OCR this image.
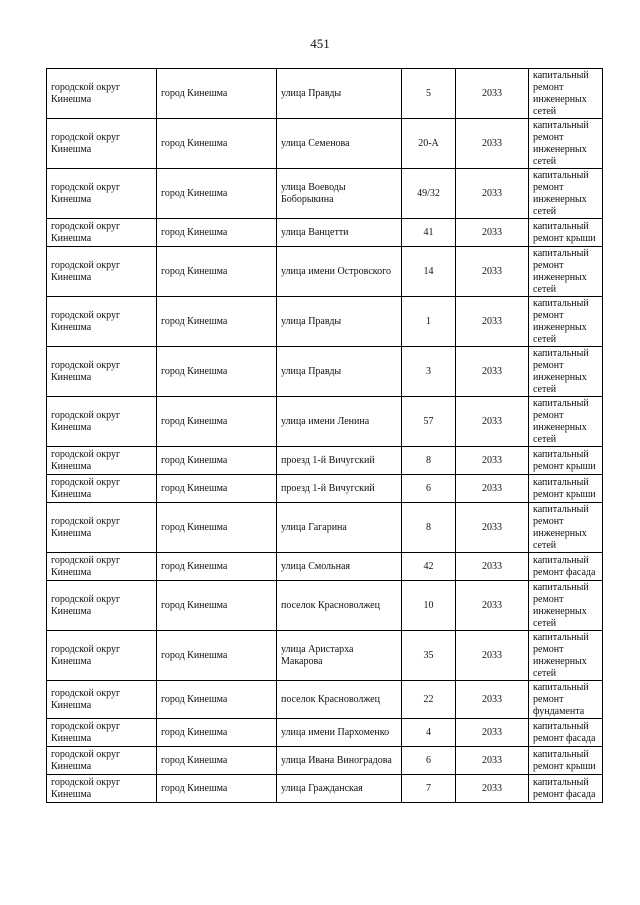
451
городской округ Кинешма	город Кинешма	улица Правды	5	2033	капитальный ремонт инженерных сетей
городской округ Кинешма	город Кинешма	улица Семенова	20-А	2033	капитальный ремонт инженерных сетей
городской округ Кинешма	город Кинешма	улица Воеводы Боборыкина	49/32	2033	капитальный ремонт инженерных сетей
городской округ Кинешма	город Кинешма	улица Ванцетти	41	2033	капитальный ремонт крыши
городской округ Кинешма	город Кинешма	улица имени Островского	14	2033	капитальный ремонт инженерных сетей
городской округ Кинешма	город Кинешма	улица Правды	1	2033	капитальный ремонт инженерных сетей
городской округ Кинешма	город Кинешма	улица Правды	3	2033	капитальный ремонт инженерных сетей
городской округ Кинешма	город Кинешма	улица имени Ленина	57	2033	капитальный ремонт инженерных сетей
городской округ Кинешма	город Кинешма	проезд 1-й Вичугский	8	2033	капитальный ремонт крыши
городской округ Кинешма	город Кинешма	проезд 1-й Вичугский	6	2033	капитальный ремонт крыши
городской округ Кинешма	город Кинешма	улица Гагарина	8	2033	капитальный ремонт инженерных сетей
городской округ Кинешма	город Кинешма	улица Смольная	42	2033	капитальный ремонт фасада
городской округ Кинешма	город Кинешма	поселок Красноволжец	10	2033	капитальный ремонт инженерных сетей
городской округ Кинешма	город Кинешма	улица Аристарха Макарова	35	2033	капитальный ремонт инженерных сетей
городской округ Кинешма	город Кинешма	поселок Красноволжец	22	2033	капитальный ремонт фундамента
городской округ Кинешма	город Кинешма	улица имени Пархоменко	4	2033	капитальный ремонт фасада
городской округ Кинешма	город Кинешма	улица Ивана Виноградова	6	2033	капитальный ремонт крыши
городской округ Кинешма	город Кинешма	улица Гражданская	7	2033	капитальный ремонт фасада
